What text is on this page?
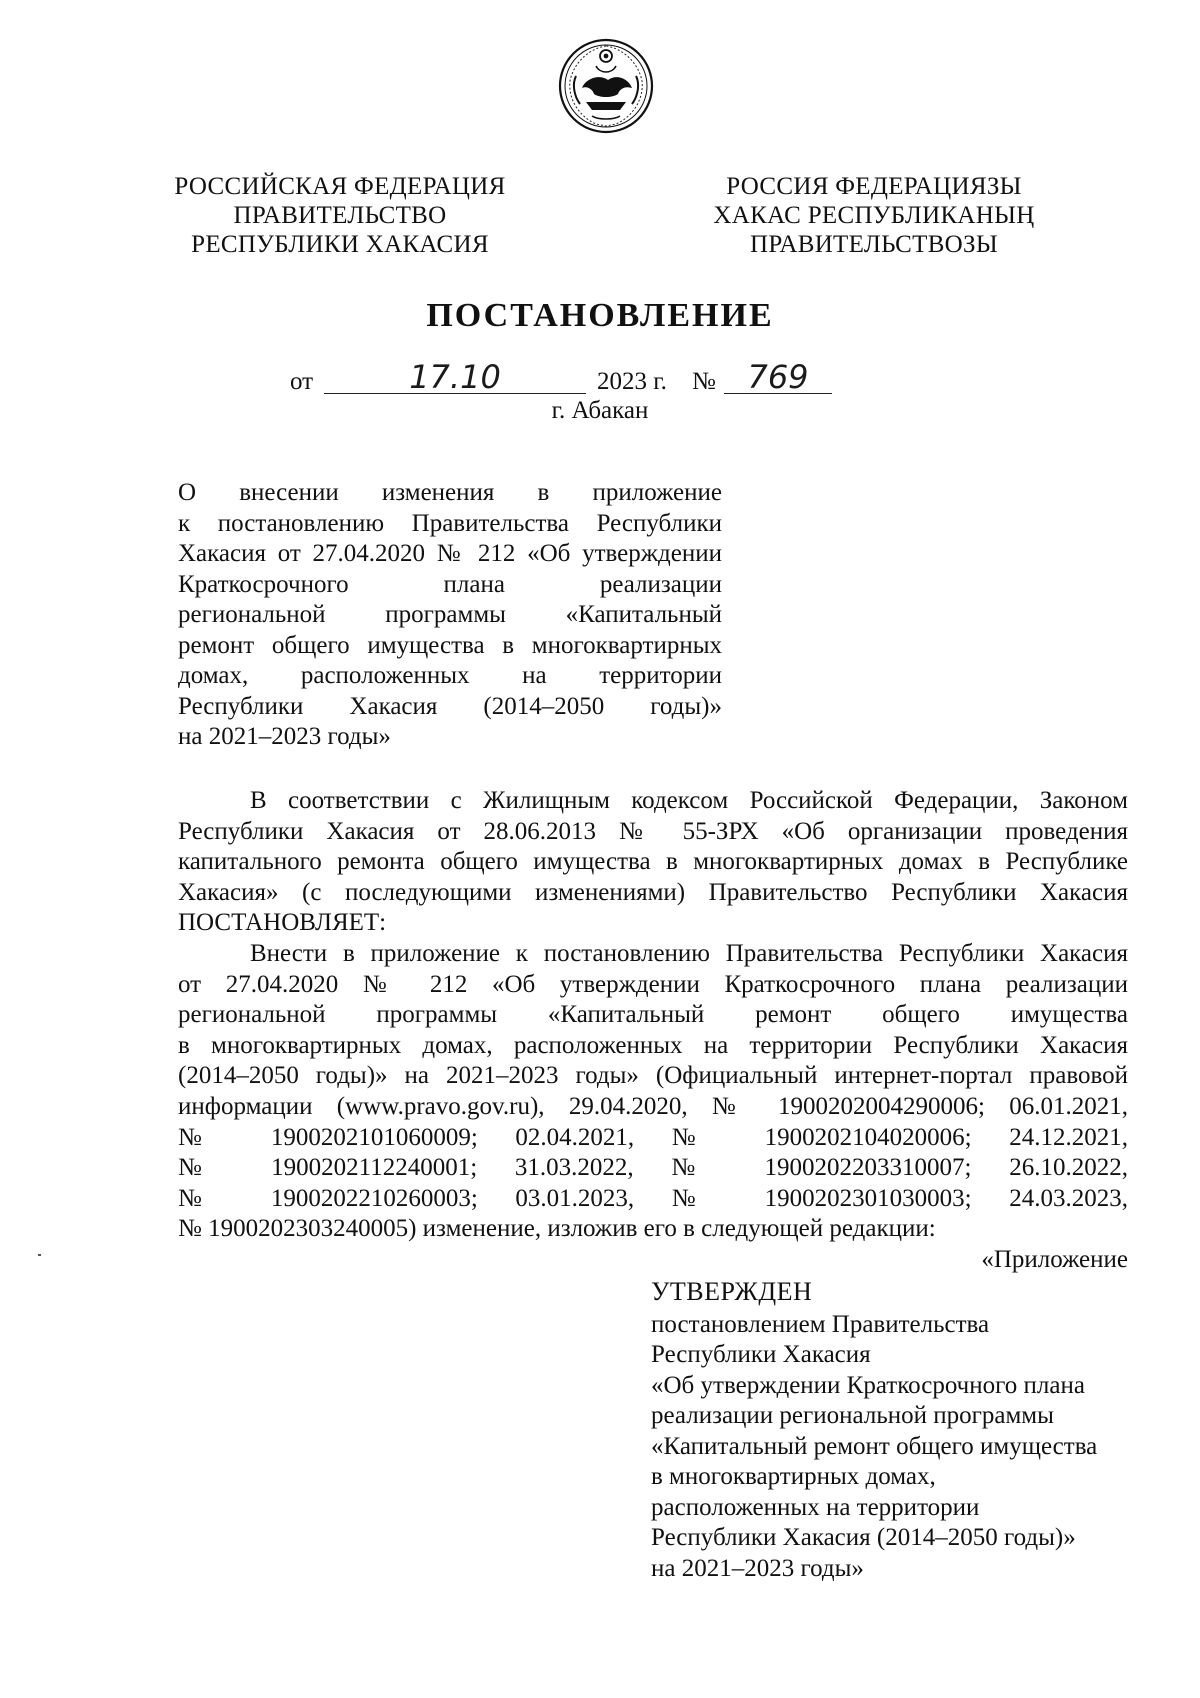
РОССИЙСКАЯ ФЕДЕРАЦИЯ
ПРАВИТЕЛЬСТВО
РЕСПУБЛИКИ ХАКАСИЯ
РОССИЯ ФЕДЕРАЦИЯЗЫ
ХАКАС РЕСПУБЛИКАНЫҢ
ПРАВИТЕЛЬСТВОЗЫ
ПОСТАНОВЛЕНИЕ
от	17.10	2023 г. № 769
г. Абакан
О внесении изменения в приложение
к постановлению Правительства Республики
Хакасия от 27.04.2020 № 212 «Об утверждении
Краткосрочного плана реализации
региональной программы «Капитальный
ремонт общего имущества в многоквартирных
домах, расположенных на территории
Республики Хакасия (2014–2050 годы)»
на 2021–2023 годы»
В соответствии с Жилищным кодексом Российской Федерации, Законом
Республики Хакасия от 28.06.2013 № 55-ЗРХ «Об организации проведения
капитального ремонта общего имущества в многоквартирных домах в Республике
Хакасия» (с последующими изменениями) Правительство Республики Хакасия
ПОСТАНОВЛЯЕТ:
Внести в приложение к постановлению Правительства Республики Хакасия
от 27.04.2020 № 212 «Об утверждении Краткосрочного плана реализации
региональной программы «Капитальный ремонт общего имущества
в многоквартирных домах, расположенных на территории Республики Хакасия
(2014–2050 годы)» на 2021–2023 годы» (Официальный интернет-портал правовой
информации (www.pravo.gov.ru), 29.04.2020, № 1900202004290006; 06.01.2021,
№ 1900202101060009; 02.04.2021, № 1900202104020006; 24.12.2021,
№ 1900202112240001; 31.03.2022, № 1900202203310007; 26.10.2022,
№ 1900202210260003; 03.01.2023, № 1900202301030003; 24.03.2023,
№ 1900202303240005) изменение, изложив его в следующей редакции:
«Приложение
УТВЕРЖДЕН
постановлением Правительства
Республики Хакасия
«Об утверждении Краткосрочного плана
реализации региональной программы
«Капитальный ремонт общего имущества
в многоквартирных домах,
расположенных на территории
Республики Хакасия (2014–2050 годы)»
на 2021–2023 годы»
